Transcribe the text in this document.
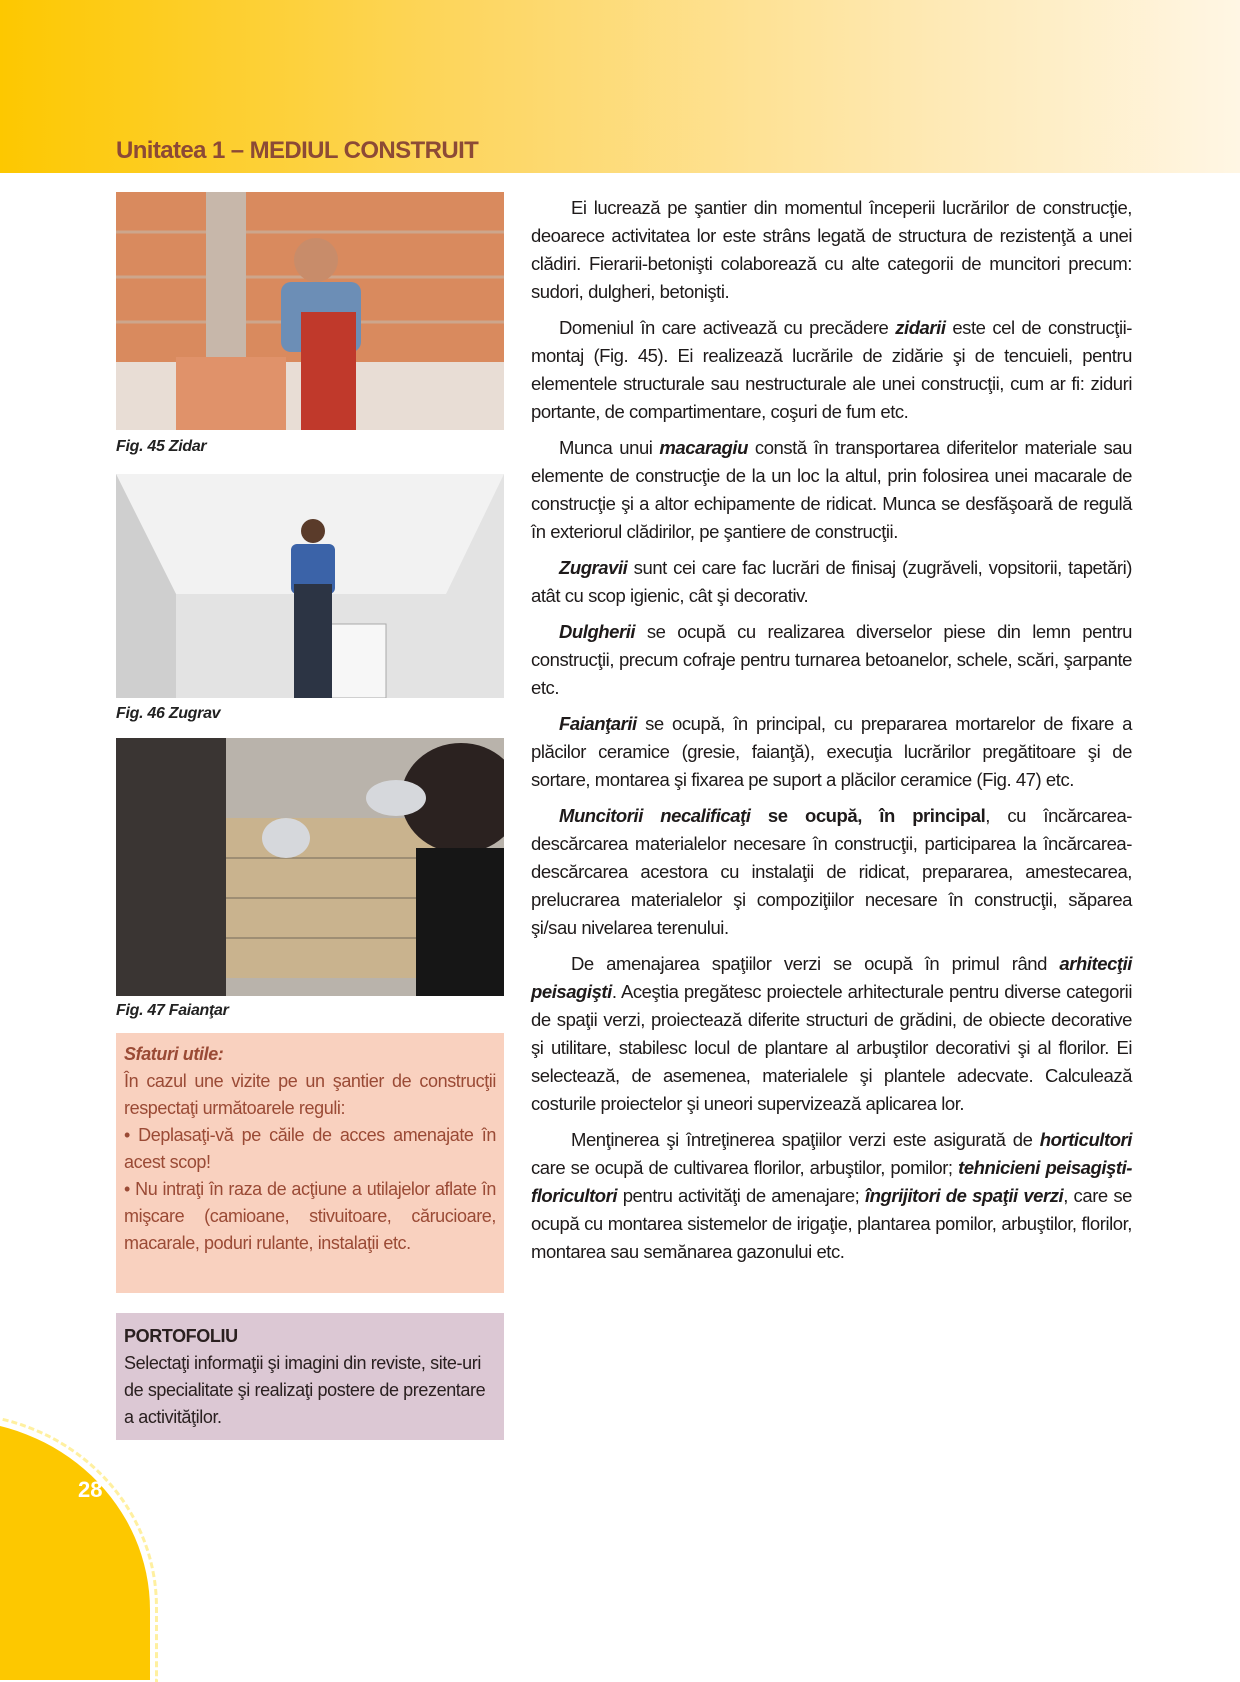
Unitatea 1 – MEDIUL CONSTRUIT
Fig. 45 Zidar
Fig. 46 Zugrav
Fig. 47 Faianţar
Sfaturi utile:
În cazul une vizite pe un şantier de construcţii respectaţi următoarele reguli:
• Deplasaţi-vă pe căile de acces amenajate în acest scop!
• Nu intraţi în raza de acţiune a utilajelor aflate în mişcare (camioane, stivuitoare, cărucioare, macarale, poduri rulante, instalaţii etc.
PORTOFOLIU
Selectaţi informaţii şi imagini din reviste, site-uri de specialitate şi realizaţi postere de prezentare a activităţilor.

Ei lucrează pe şantier din momentul începerii lucrărilor de construcţie, deoarece activitatea lor este strâns legată de structura de rezistenţă a unei clădiri. Fierarii-betonişti colaborează cu alte categorii de muncitori precum: sudori, dulgheri, betonişti.

Domeniul în care activează cu precădere zidarii este cel de construcţii-montaj (Fig. 45). Ei realizează lucrările de zidărie şi de tencuieli, pentru elementele structurale sau nestructurale ale unei construcţii, cum ar fi: ziduri portante, de compartimentare, coşuri de fum etc.

Munca unui macaragiu constă în transportarea diferitelor materiale sau elemente de construcţie de la un loc la altul, prin folosirea unei macarale de construcţie şi a altor echipamente de ridicat. Munca se desfăşoară de regulă în exteriorul clădirilor, pe şantiere de construcţii.

Zugravii sunt cei care fac lucrări de finisaj (zugrăveli, vopsitorii, tapetări) atât cu scop igienic, cât şi decorativ.

Dulgherii se ocupă cu realizarea diverselor piese din lemn pentru construcţii, precum cofraje pentru turnarea betoanelor, schele, scări, şarpante etc.

Faianţarii se ocupă, în principal, cu prepararea mortarelor de fixare a plăcilor ceramice (gresie, faianţă), execuţia lucrărilor pregătitoare şi de sortare, montarea şi fixarea pe suport a plăcilor ceramice (Fig. 47) etc.

Muncitorii necalificaţi se ocupă, în principal, cu încărcarea-descărcarea materialelor necesare în construcţii, participarea la încărcarea-descărcarea acestora cu instalaţii de ridicat, prepararea, amestecarea, prelucrarea materialelor şi compoziţiilor necesare în construcţii, săparea şi/sau nivelarea terenului.

De amenajarea spaţiilor verzi se ocupă în primul rând arhitecţii peisagişti. Aceştia pregătesc proiectele arhitecturale pentru diverse categorii de spaţii verzi, proiectează diferite structuri de grădini, de obiecte decorative şi utilitare, stabilesc locul de plantare al arbuştilor decorativi şi al florilor. Ei selectează, de asemenea, materialele şi plantele adecvate. Calculează costurile proiectelor şi uneori supervizează aplicarea lor.

Menţinerea şi întreţinerea spaţiilor verzi este asigurată de horticultori care se ocupă de cultivarea florilor, arbuştilor, pomilor; tehnicieni peisagişti-floricultori pentru activităţi de amenajare; îngrijitori de spaţii verzi, care se ocupă cu montarea sistemelor de irigaţie, plantarea pomilor, arbuştilor, florilor, montarea sau semănarea gazonului etc.

28
